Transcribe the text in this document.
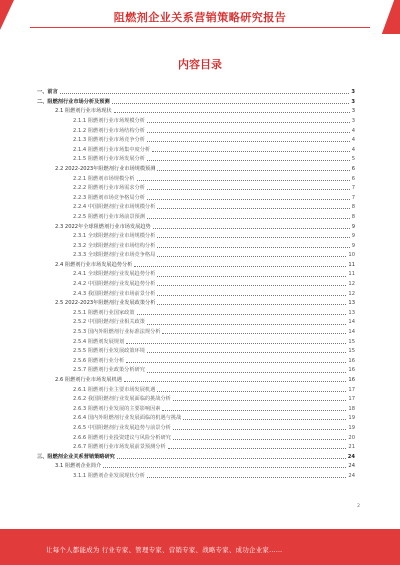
阻燃剂企业关系营销策略研究报告
内容目录
一、前言	3
二、阻燃剂行业市场分析及预测	3
2.1 阻燃剂行业市场现状	3
2.1.1 阻燃剂行业市场规模分析	3
2.1.2 阻燃剂行业市场结构分析	4
2.1.3 阻燃剂行业市场竞争分析	4
2.1.4 阻燃剂行业市场集中度分析	4
2.1.5 阻燃剂行业市场发展分析	5
2.2 2022-2023年阻燃剂行业市场规模预测	6
2.2.1 阻燃剂市场规模分析	6
2.2.2 阻燃剂行业市场需求分析	7
2.2.3 阻燃剂市场竞争格局分析	7
2.2.4 中国阻燃剂行业市场规模分析	8
2.2.5 阻燃剂行业市场前景预测	8
2.3 2022年全球阻燃剂行业市场发展趋势	9
2.3.1 全球阻燃剂行业市场规模分析	9
2.3.2 全球阻燃剂行业市场结构分析	9
2.3.3 全球阻燃剂行业市场竞争格局	10
2.4 阻燃剂行业市场发展趋势分析	11
2.4.1 全球阻燃剂行业发展趋势分析	11
2.4.2 中国阻燃剂行业发展趋势分析	12
2.4.3 我国阻燃剂行业市场前景分析	12
2.5 2022-2023年阻燃剂行业发展政策分析	13
2.5.1 阻燃剂行业国家政策	13
2.5.2 中国阻燃剂行业相关政策	14
2.5.3 国内外阻燃剂行业标准法规分析	14
2.5.4 阻燃剂发展规划	15
2.5.5 阻燃剂行业发展政策环境	15
2.5.6 阻燃剂行业分析	16
2.5.7 阻燃剂行业政策分析研究	16
2.6 阻燃剂行业市场发展机遇	16
2.6.1 阻燃剂行业主要市场发展机遇	17
2.6.2 我国阻燃剂行业发展面临的挑战分析	17
2.6.3 阻燃剂行业发展的主要影响因素	18
2.6.4 国内外阻燃剂行业发展面临的机遇与挑战	19
2.6.5 中国阻燃剂行业发展趋势与前景分析	19
2.6.6 阻燃剂行业投资建议与风险分析研究	20
2.6.7 阻燃剂行业市场发展前景预测分析	21
三、阻燃剂企业关系营销策略研究	24
3.1 阻燃剂企业简介	24
3.1.1 阻燃剂企业发展现状分析	24
2
让每个人都能成为 行业专家、管理专家、营销专家、战略专家、成功企业家……
